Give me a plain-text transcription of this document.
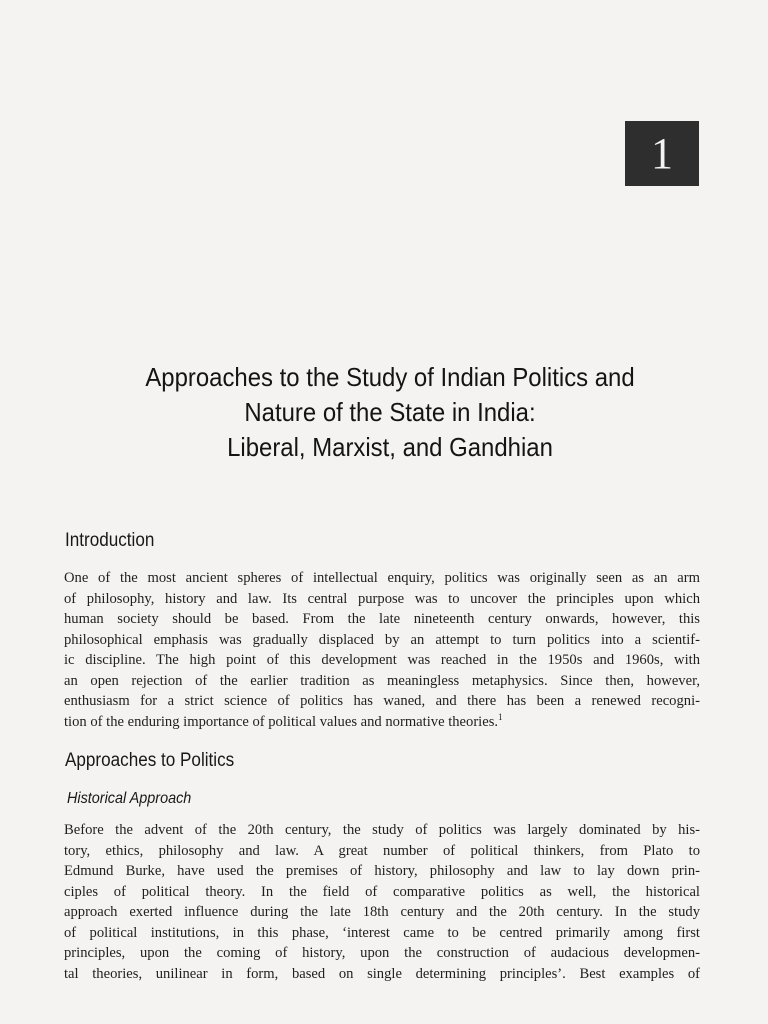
1
Approaches to the Study of Indian Politics and
Nature of the State in India:
Liberal, Marxist, and Gandhian
Introduction
One of the most ancient spheres of intellectual enquiry, politics was originally seen as an arm
of philosophy, history and law. Its central purpose was to uncover the principles upon which
human society should be based. From the late nineteenth century onwards, however, this
philosophical emphasis was gradually displaced by an attempt to turn politics into a scientif-
ic discipline. The high point of this development was reached in the 1950s and 1960s, with
an open rejection of the earlier tradition as meaningless metaphysics. Since then, however,
enthusiasm for a strict science of politics has waned, and there has been a renewed recogni-
tion of the enduring importance of political values and normative theories.$^1$
Approaches to Politics
Historical Approach
Before the advent of the 20th century, the study of politics was largely dominated by his-
tory, ethics, philosophy and law. A great number of political thinkers, from Plato to
Edmund Burke, have used the premises of history, philosophy and law to lay down prin-
ciples of political theory. In the field of comparative politics as well, the historical
approach exerted influence during the late 18th century and the 20th century. In the study
of political institutions, in this phase, ‘interest came to be centred primarily among first
principles, upon the coming of history, upon the construction of audacious developmen-
tal theories, unilinear in form, based on single determining principles’. Best examples of
